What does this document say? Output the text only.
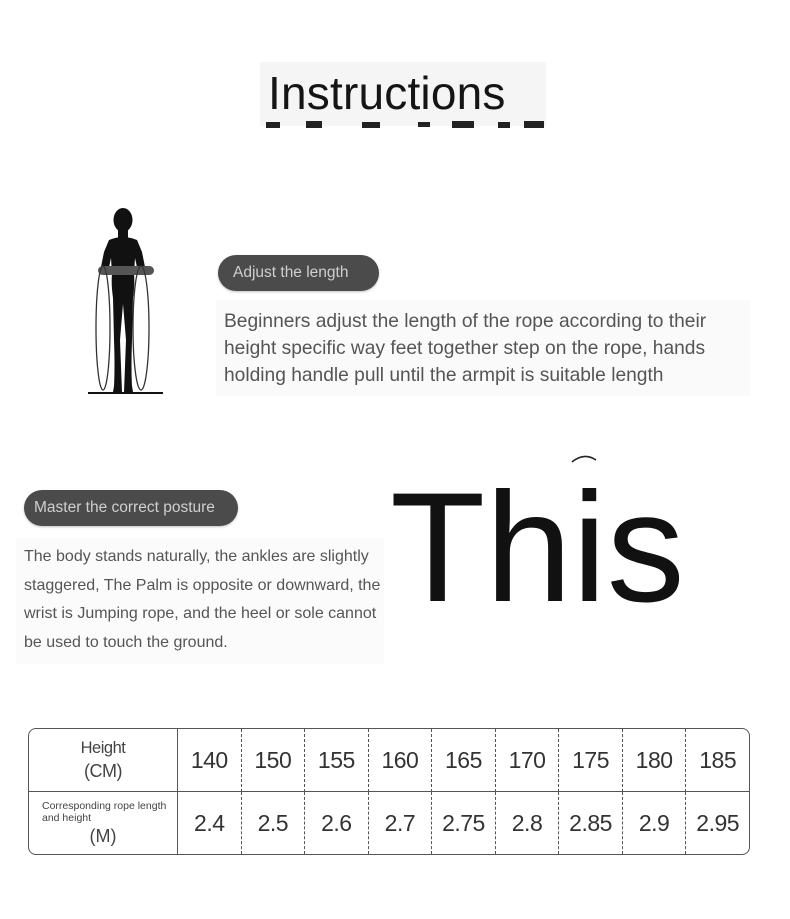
Instructions
Adjust the length
Beginners adjust the length of the rope according to their height specific way feet together step on the rope, hands holding handle pull until the armpit is suitable length
Master the correct posture
The body stands naturally, the ankles are slightly staggered, The Palm is opposite or downward, the wrist is Jumping rope, and the heel or sole cannot be used to touch the ground.
This
Height
(CM)	140	150	155	160	165	170	175	180	185

Corresponding rope length and height
(M)	2.4	2.5	2.6	2.7	2.75	2.8	2.85	2.9	2.95
